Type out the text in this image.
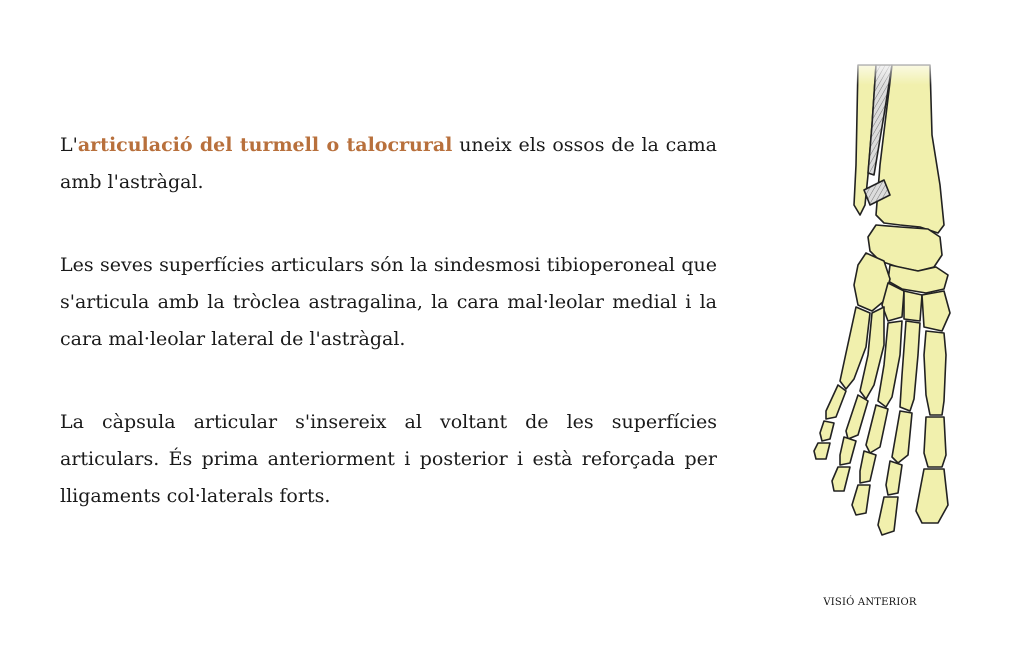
L'articulació del turmell o talocrural uneix els ossos de la cama amb l'astràgal.

Les seves superfícies articulars són la sindesmosi tibioperoneal que s'articula amb la tròclea astragalina, la cara mal·leolar medial i la cara mal·leolar lateral de l'astràgal.

La càpsula articular s'insereix al voltant de les superfícies articulars. És prima anteriorment i posterior i està reforçada per lligaments col·laterals forts.

VISIÓ ANTERIOR
